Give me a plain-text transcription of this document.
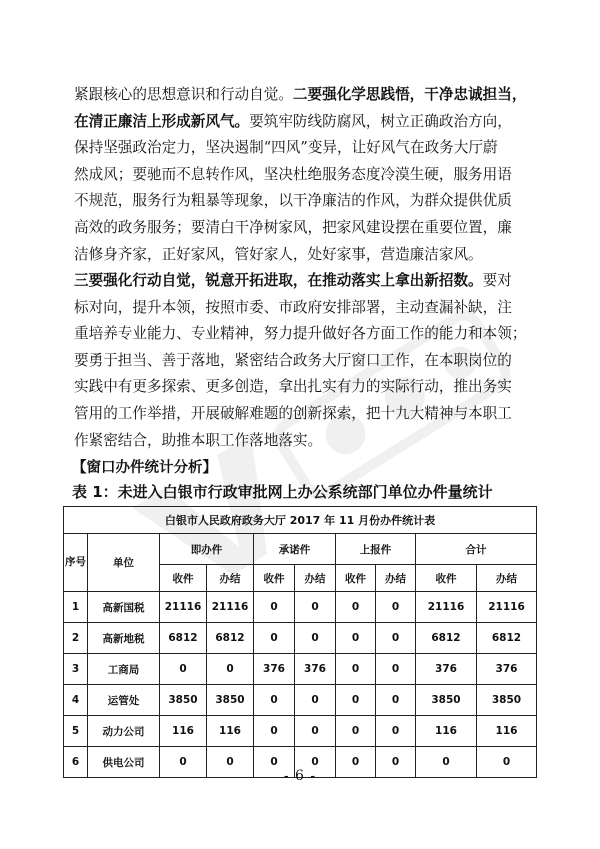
紧跟核心的思想意识和行动自觉。二要强化学思践悟，干净忠诚担当，
在清正廉洁上形成新风气。要筑牢防线防腐风，树立正确政治方向，
保持坚强政治定力，坚决遏制“四风”变异，让好风气在政务大厅蔚
然成风；要驰而不息转作风，坚决杜绝服务态度冷漠生硬，服务用语
不规范，服务行为粗暴等现象，以干净廉洁的作风，为群众提供优质
高效的政务服务；要清白干净树家风，把家风建设摆在重要位置，廉
洁修身齐家，正好家风，管好家人，处好家事，营造廉洁家风。
三要强化行动自觉，锐意开拓进取，在推动落实上拿出新招数。要对
标对向，提升本领，按照市委、市政府安排部署，主动查漏补缺，注
重培养专业能力、专业精神，努力提升做好各方面工作的能力和本领；
要勇于担当、善于落地，紧密结合政务大厅窗口工作，在本职岗位的
实践中有更多探索、更多创造，拿出扎实有力的实际行动，推出务实
管用的工作举措，开展破解难题的创新探索，把十九大精神与本职工
作紧密结合，助推本职工作落地落实。
【窗口办件统计分析】
表 1：未进入白银市行政审批网上办公系统部门单位办件量统计
白银市人民政府政务大厅 2017 年 11 月份办件统计表									
序号	单位	即办件		承诺件		上报件		合计	
		收件	办结	收件	办结	收件	办结	收件	办结
1	高新国税	21116	21116	0	0	0	0	21116	21116
2	高新地税	6812	6812	0	0	0	0	6812	6812
3	工商局	0	0	376	376	0	0	376	376
4	运管处	3850	3850	0	0	0	0	3850	3850
5	动力公司	116	116	0	0	0	0	116	116
6	供电公司	0	0	0	0	0	0	0	0
- 6 -
